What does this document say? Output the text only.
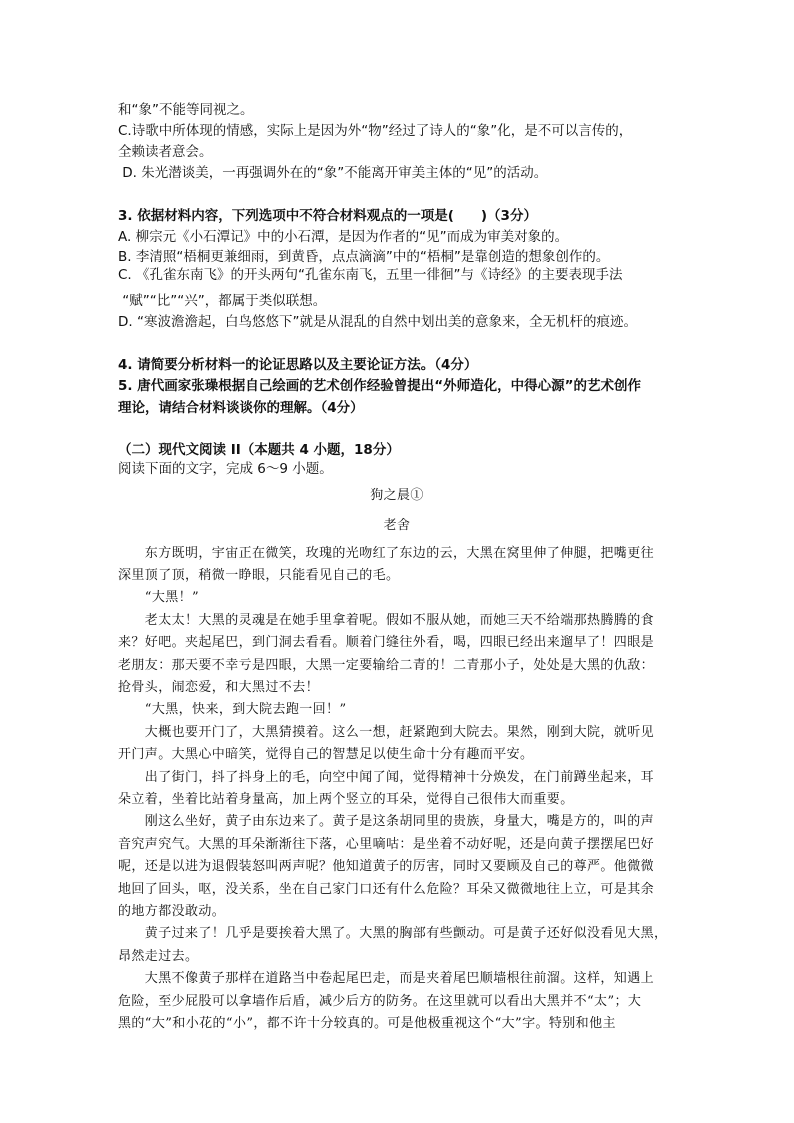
和“象”不能等同视之。
C.诗歌中所体现的情感，实际上是因为外“物”经过了诗人的“象”化，是不可以言传的，
全赖读者意会。
D. 朱光潜谈美，一再强调外在的“象”不能离开审美主体的“见”的活动。
3. 依据材料内容，下列选项中不符合材料观点的一项是(　　)（3分）
A. 柳宗元《小石潭记》中的小石潭，是因为作者的“见”而成为审美对象的。
B. 李清照“梧桐更兼细雨，到黄昏，点点滴滴”中的“梧桐”是靠创造的想象创作的。
C. 《孔雀东南飞》的开头两句“孔雀东南飞，五里一徘徊”与《诗经》的主要表现手法
“赋”“比”“兴”，都属于类似联想。
D. “寒波澹澹起，白鸟悠悠下”就是从混乱的自然中划出美的意象来，全无机杆的痕迹。
4. 请简要分析材料一的论证思路以及主要论证方法。（4分）
5. 唐代画家张璪根据自己绘画的艺术创作经验曾提出“外师造化，中得心源”的艺术创作
理论，请结合材料谈谈你的理解。（4分）
（二）现代文阅读 II（本题共 4 小题，18分）
阅读下面的文字，完成 6～9 小题。
狗之晨①
老舍
　　东方既明，宇宙正在微笑，玫瑰的光吻红了东边的云，大黑在窝里伸了伸腿，把嘴更往
深里顶了顶，稍微一睁眼，只能看见自己的毛。
　　“大黑！”
　　老太太！大黑的灵魂是在她手里拿着呢。假如不服从她，而她三天不给端那热腾腾的食
来？好吧。夹起尾巴，到门洞去看看。顺着门缝往外看，喝，四眼已经出来遛早了！四眼是
老朋友：那天要不幸亏是四眼，大黑一定要输给二青的！二青那小子，处处是大黑的仇敌：
抢骨头，闹恋爱，和大黑过不去！
　　“大黑，快来，到大院去跑一回！”
　　大概也要开门了，大黑猜摸着。这么一想，赶紧跑到大院去。果然，刚到大院，就听见
开门声。大黑心中暗笑，觉得自己的智慧足以使生命十分有趣而平安。
　　出了街门，抖了抖身上的毛，向空中闻了闻，觉得精神十分焕发，在门前蹲坐起来，耳
朵立着，坐着比站着身量高，加上两个竖立的耳朵，觉得自己很伟大而重要。
　　刚这么坐好，黄子由东边来了。黄子是这条胡同里的贵族，身量大，嘴是方的，叫的声
音究声究气。大黑的耳朵渐渐往下落，心里嘀咕：是坐着不动好呢，还是向黄子摆摆尾巴好
呢，还是以进为退假装怒叫两声呢？他知道黄子的厉害，同时又要顾及自己的尊严。他微微
地回了回头，呕，没关系，坐在自己家门口还有什么危险？耳朵又微微地往上立，可是其余
的地方都没敢动。
　　黄子过来了！几乎是要挨着大黑了。大黑的胸部有些颤动。可是黄子还好似没看见大黑，
昂然走过去。
　　大黑不像黄子那样在道路当中卷起尾巴走，而是夹着尾巴顺墙根往前溜。这样，知遇上
危险，至少屁股可以拿墙作后盾，减少后方的防务。在这里就可以看出大黑并不“太”；大
黑的“大”和小花的“小”，都不许十分较真的。可是他极重视这个“大”字。特别和他主
